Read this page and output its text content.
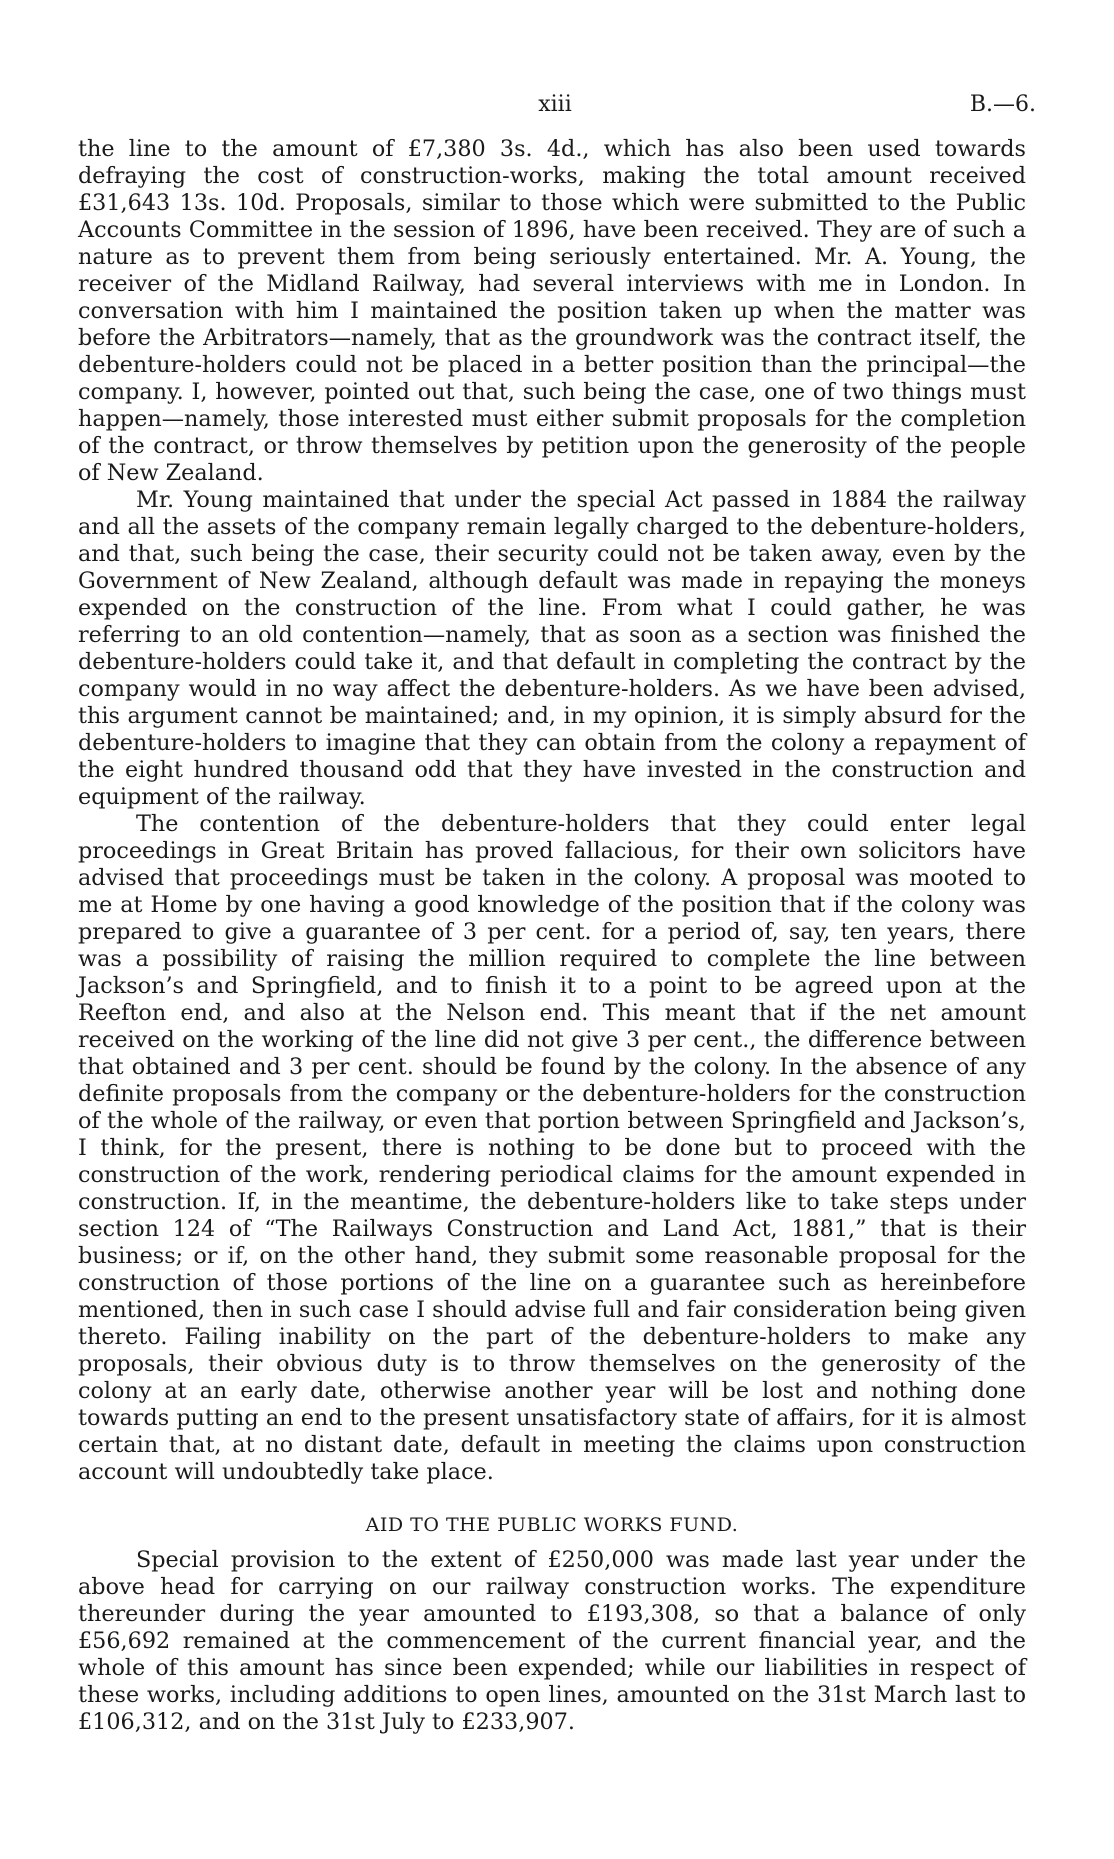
xiii	B.—6.

the line to the amount of £7,380 3s. 4d., which has also been used towards defraying the cost of construction-works, making the total amount received £31,643 13s. 10d. Proposals, similar to those which were submitted to the Public Accounts Committee in the session of 1896, have been received. They are of such a nature as to prevent them from being seriously entertained. Mr. A. Young, the receiver of the Midland Railway, had several interviews with me in London. In conversation with him I maintained the position taken up when the matter was before the Arbitrators—namely, that as the groundwork was the contract itself, the debenture-holders could not be placed in a better position than the principal—the company. I, however, pointed out that, such being the case, one of two things must happen—namely, those interested must either submit proposals for the completion of the contract, or throw themselves by petition upon the generosity of the people of New Zealand.

Mr. Young maintained that under the special Act passed in 1884 the railway and all the assets of the company remain legally charged to the debenture-holders, and that, such being the case, their security could not be taken away, even by the Government of New Zealand, although default was made in repaying the moneys expended on the construction of the line. From what I could gather, he was referring to an old contention—namely, that as soon as a section was finished the debenture-holders could take it, and that default in completing the contract by the company would in no way affect the debenture-holders. As we have been advised, this argument cannot be maintained; and, in my opinion, it is simply absurd for the debenture-holders to imagine that they can obtain from the colony a repayment of the eight hundred thousand odd that they have invested in the construction and equipment of the railway.

The contention of the debenture-holders that they could enter legal proceedings in Great Britain has proved fallacious, for their own solicitors have advised that proceedings must be taken in the colony. A proposal was mooted to me at Home by one having a good knowledge of the position that if the colony was prepared to give a guarantee of 3 per cent. for a period of, say, ten years, there was a possibility of raising the million required to complete the line between Jackson’s and Springfield, and to finish it to a point to be agreed upon at the Reefton end, and also at the Nelson end. This meant that if the net amount received on the working of the line did not give 3 per cent., the difference between that obtained and 3 per cent. should be found by the colony. In the absence of any definite proposals from the company or the debenture-holders for the construction of the whole of the railway, or even that portion between Springfield and Jackson’s, I think, for the present, there is nothing to be done but to proceed with the construction of the work, rendering periodical claims for the amount expended in construction. If, in the meantime, the debenture-holders like to take steps under section 124 of “The Railways Construction and Land Act, 1881,” that is their business; or if, on the other hand, they submit some reasonable proposal for the construction of those portions of the line on a guarantee such as hereinbefore mentioned, then in such case I should advise full and fair consideration being given thereto. Failing inability on the part of the debenture-holders to make any proposals, their obvious duty is to throw themselves on the generosity of the colony at an early date, otherwise another year will be lost and nothing done towards putting an end to the present unsatisfactory state of affairs, for it is almost certain that, at no distant date, default in meeting the claims upon construction account will undoubtedly take place.

AID TO THE PUBLIC WORKS FUND.

Special provision to the extent of £250,000 was made last year under the above head for carrying on our railway construction works. The expenditure thereunder during the year amounted to £193,308, so that a balance of only £56,692 remained at the commencement of the current financial year, and the whole of this amount has since been expended; while our liabilities in respect of these works, including additions to open lines, amounted on the 31st March last to £106,312, and on the 31st July to £233,907.
